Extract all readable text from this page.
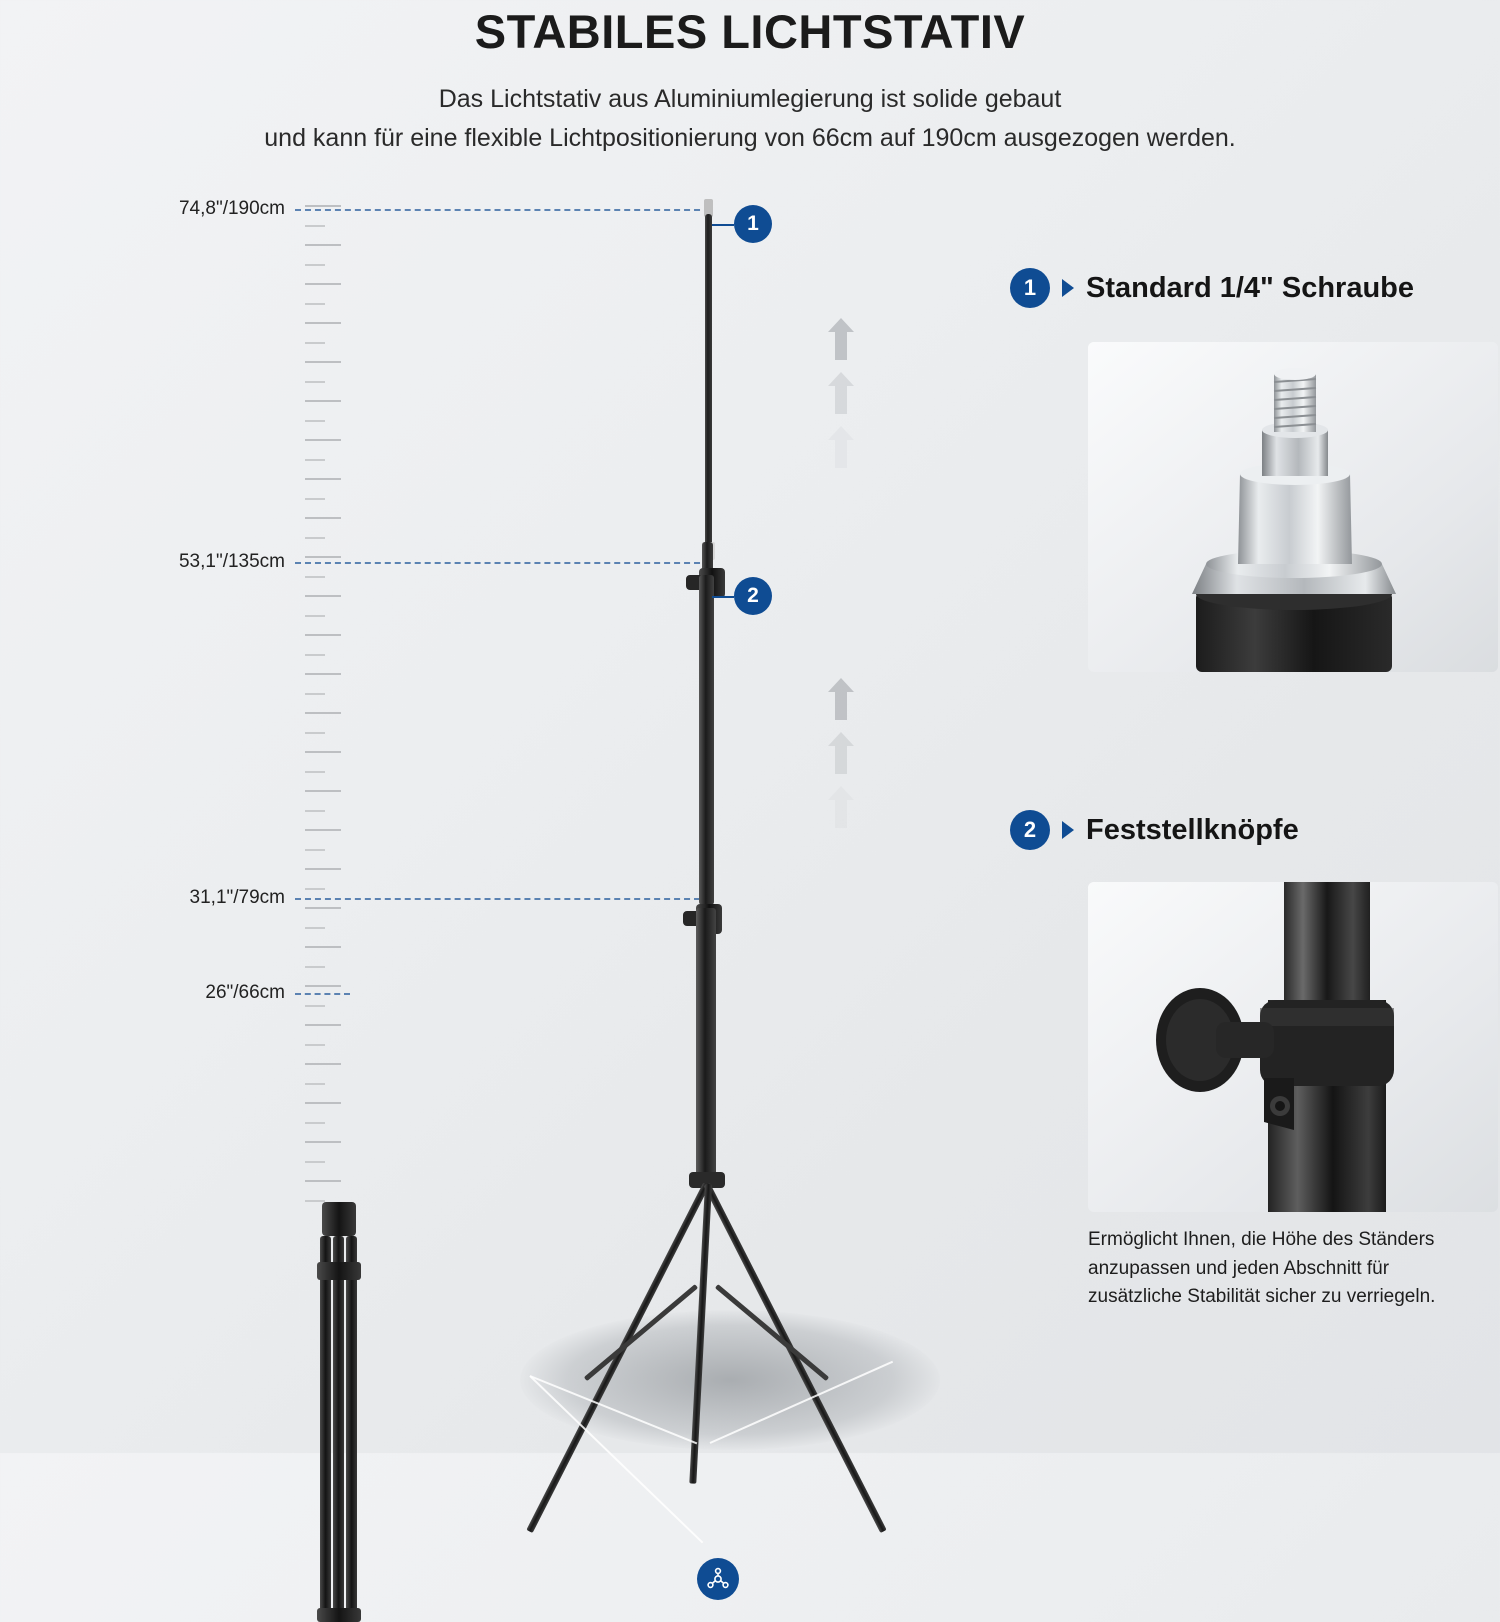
STABILES LICHTSTATIV
Das Lichtstativ aus Aluminiumlegierung ist solide gebaut
und kann für eine flexible Lichtpositionierung von 66cm auf 190cm ausgezogen werden.
74,8"/190cm
53,1"/135cm
31,1"/79cm
26"/66cm
1
2
1	Standard 1/4" Schraube
2	Feststellknöpfe
Ermöglicht Ihnen, die Höhe des Ständers anzupassen und jeden Abschnitt für zusätzliche Stabilität sicher zu verriegeln.
